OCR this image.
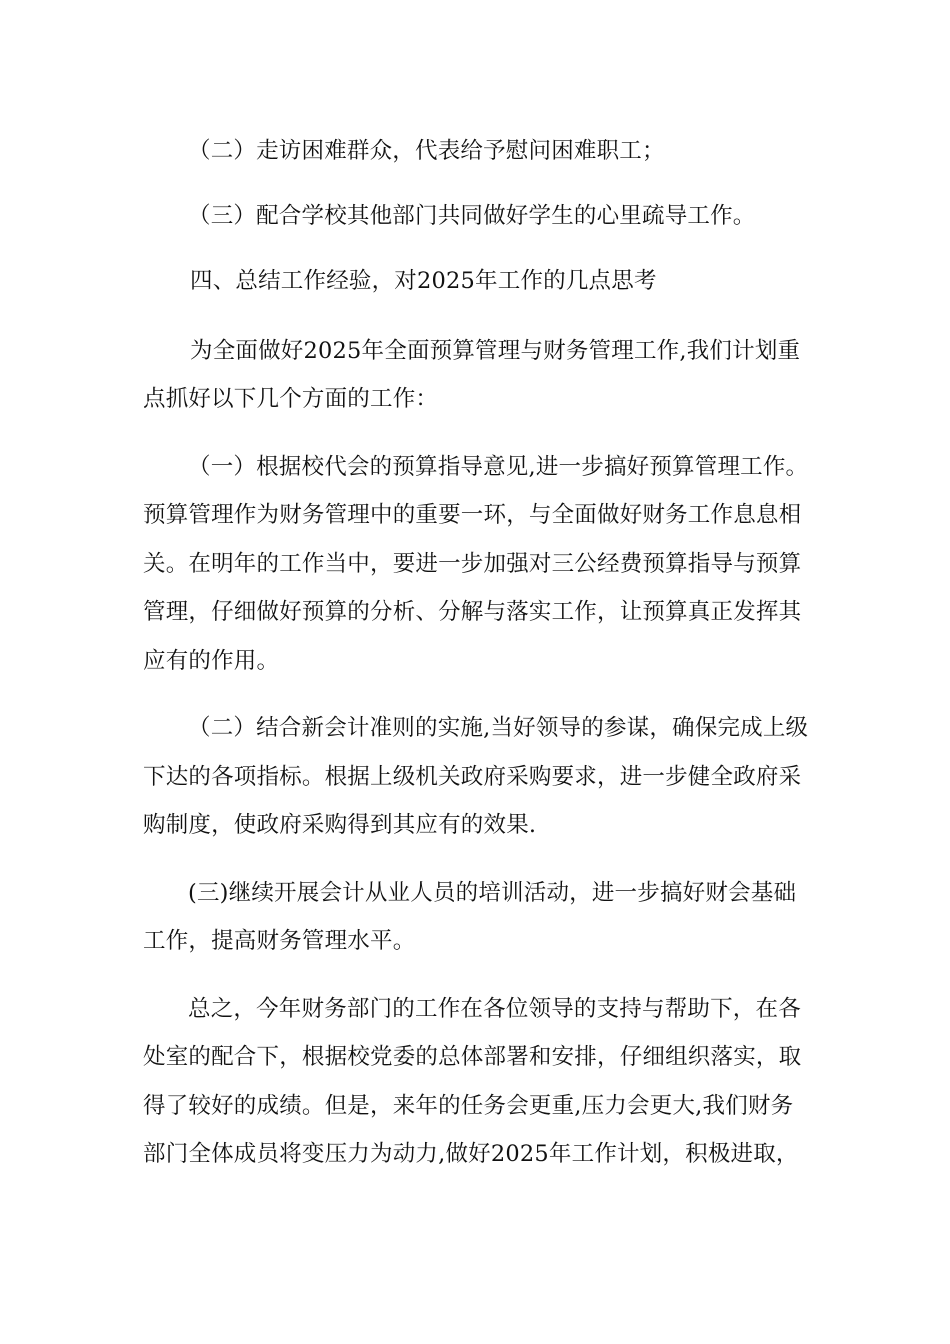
（二）走访困难群众，代表给予慰问困难职工；
（三）配合学校其他部门共同做好学生的心里疏导工作。
四、总结工作经验，对2025年工作的几点思考
为全面做好2025年全面预算管理与财务管理工作,我们计划重
点抓好以下几个方面的工作：
（一）根据校代会的预算指导意见,进一步搞好预算管理工作。
预算管理作为财务管理中的重要一环，与全面做好财务工作息息相
关。在明年的工作当中，要进一步加强对三公经费预算指导与预算
管理，仔细做好预算的分析、分解与落实工作，让预算真正发挥其
应有的作用。
（二）结合新会计准则的实施,当好领导的参谋，确保完成上级
下达的各项指标。根据上级机关政府采购要求，进一步健全政府采
购制度，使政府采购得到其应有的效果.
(三)继续开展会计从业人员的培训活动，进一步搞好财会基础
工作，提高财务管理水平。
总之，今年财务部门的工作在各位领导的支持与帮助下，在各
处室的配合下，根据校党委的总体部署和安排，仔细组织落实，取
得了较好的成绩。但是，来年的任务会更重,压力会更大,我们财务
部门全体成员将变压力为动力,做好2025年工作计划，积极进取，
